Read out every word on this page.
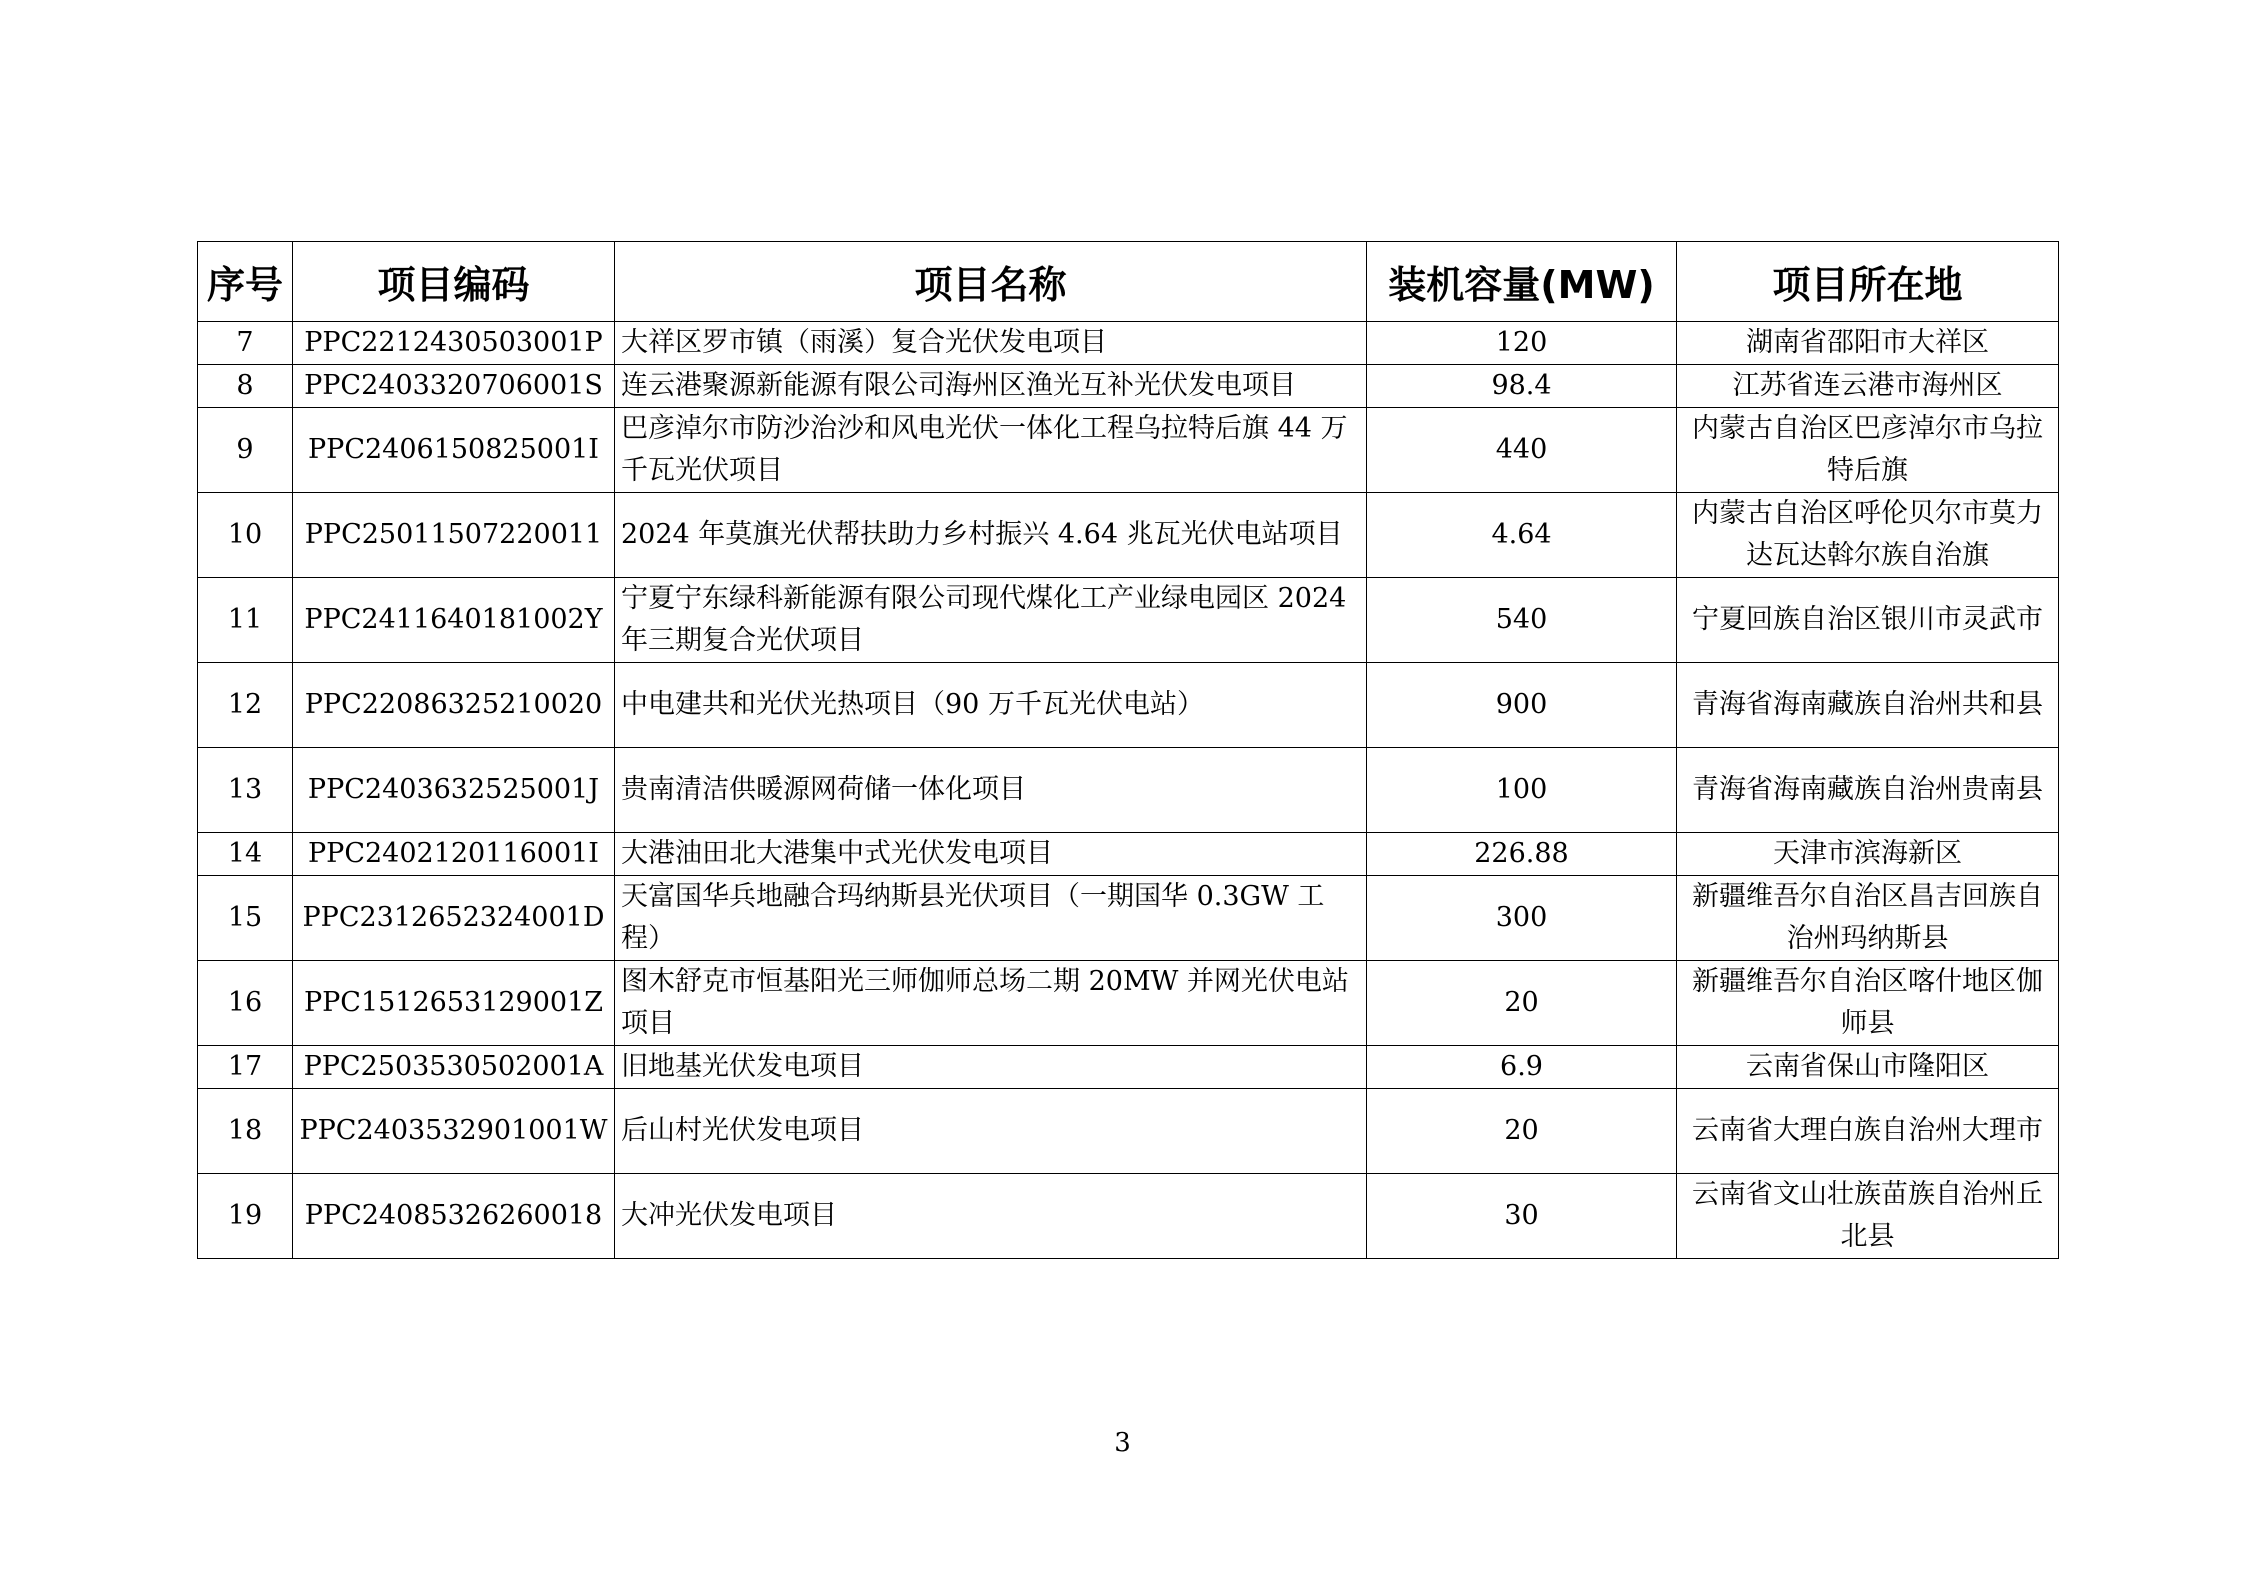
序号	项目编码	项目名称	装机容量(MW)	项目所在地
7	PPC2212430503001P	大祥区罗市镇（雨溪）复合光伏发电项目	120	湖南省邵阳市大祥区
8	PPC2403320706001S	连云港聚源新能源有限公司海州区渔光互补光伏发电项目	98.4	江苏省连云港市海州区
9	PPC2406150825001I	巴彦淖尔市防沙治沙和风电光伏一体化工程乌拉特后旗 44 万千瓦光伏项目	440	内蒙古自治区巴彦淖尔市乌拉特后旗
10	PPC25011507220011	2024 年莫旗光伏帮扶助力乡村振兴 4.64 兆瓦光伏电站项目	4.64	内蒙古自治区呼伦贝尔市莫力达瓦达斡尔族自治旗
11	PPC2411640181002Y	宁夏宁东绿科新能源有限公司现代煤化工产业绿电园区 2024 年三期复合光伏项目	540	宁夏回族自治区银川市灵武市
12	PPC22086325210020	中电建共和光伏光热项目（90 万千瓦光伏电站）	900	青海省海南藏族自治州共和县
13	PPC2403632525001J	贵南清洁供暖源网荷储一体化项目	100	青海省海南藏族自治州贵南县
14	PPC2402120116001I	大港油田北大港集中式光伏发电项目	226.88	天津市滨海新区
15	PPC2312652324001D	天富国华兵地融合玛纳斯县光伏项目（一期国华 0.3GW 工程）	300	新疆维吾尔自治区昌吉回族自治州玛纳斯县
16	PPC1512653129001Z	图木舒克市恒基阳光三师伽师总场二期 20MW 并网光伏电站项目	20	新疆维吾尔自治区喀什地区伽师县
17	PPC2503530502001A	旧地基光伏发电项目	6.9	云南省保山市隆阳区
18	PPC2403532901001W	后山村光伏发电项目	20	云南省大理白族自治州大理市
19	PPC24085326260018	大冲光伏发电项目	30	云南省文山壮族苗族自治州丘北县
3
